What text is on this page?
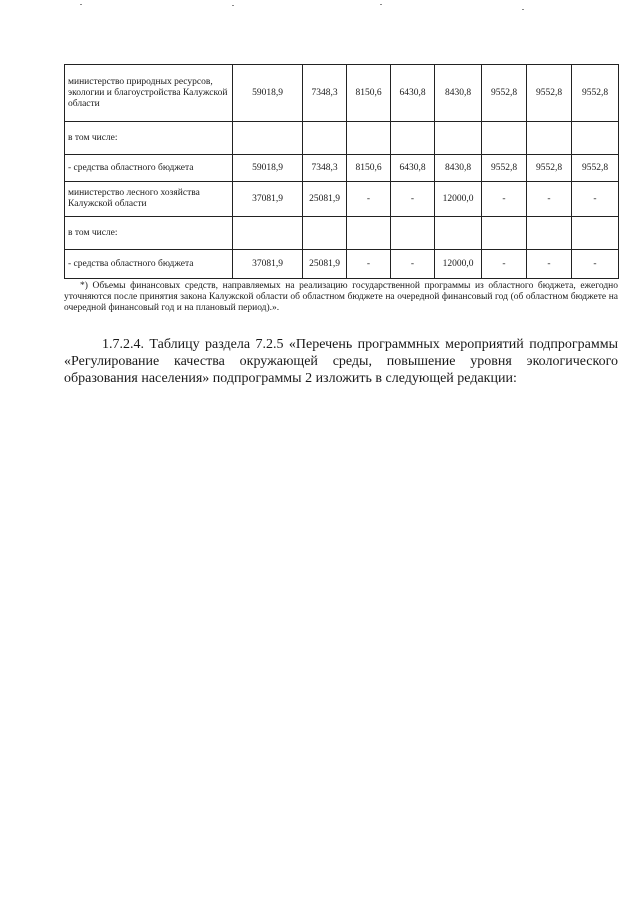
министерство природных ресурсов, экологии и благоустройства Калужской области	59018,9	7348,3	8150,6	6430,8	8430,8	9552,8	9552,8	9552,8
в том числе:								
- средства областного бюджета	59018,9	7348,3	8150,6	6430,8	8430,8	9552,8	9552,8	9552,8
министерство лесного хозяйства Калужской области	37081,9	25081,9	-	-	12000,0	-	-	-
в том числе:								
- средства областного бюджета	37081,9	25081,9	-	-	12000,0	-	-	-
*) Объемы финансовых средств, направляемых на реализацию государственной программы из областного бюджета, ежегодно уточняются после принятия закона Калужской области об областном бюджете на очередной финансовый год (об областном бюджете на очередной финансовый год и на плановый период).».
1.7.2.4. Таблицу раздела 7.2.5 «Перечень программных мероприятий подпрограммы «Регулирование качества окружающей среды, повышение уровня экологического образования населения» подпрограммы 2 изложить в следующей редакции:
